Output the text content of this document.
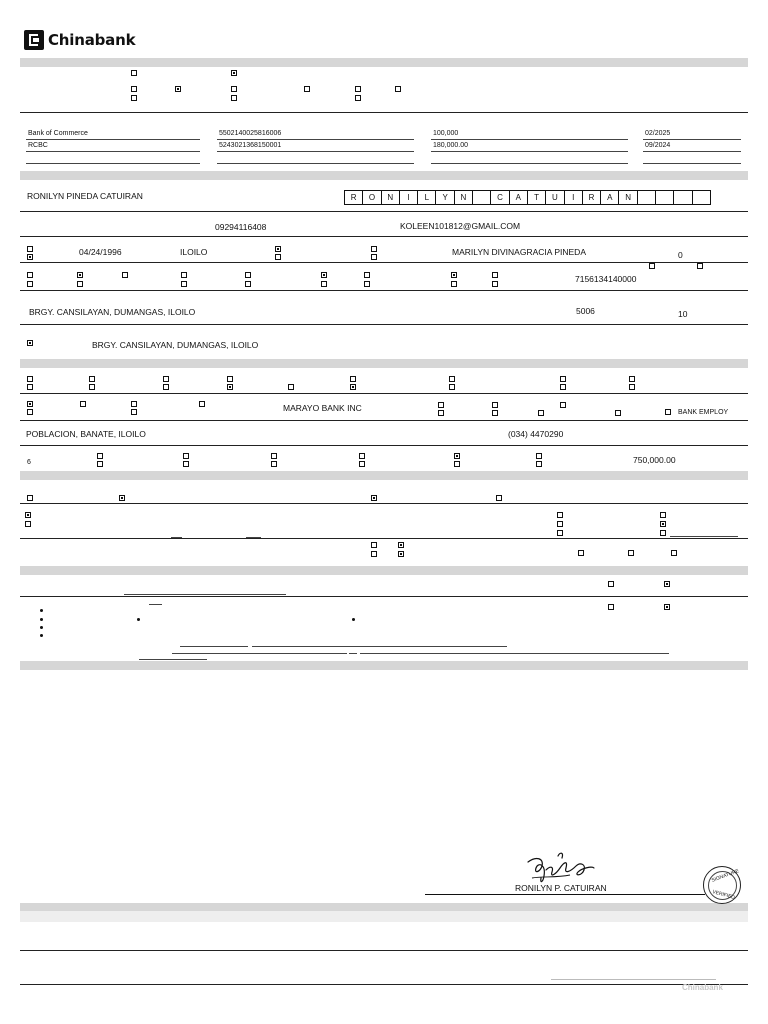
Chinabank
Bank of Commerce	5502140025816006	100,000	02/2025
RCBC	5243021368150001	180,000.00	09/2024
RONILYN PINEDA CATUIRAN	R	O	N	I	L	Y	N	C	A	T	U	I	R	A	N
09294116408	KOLEEN101812@GMAIL.COM
04/24/1996	ILOILO	MARILYN DIVINAGRACIA PINEDA	0
7156134140000
BRGY. CANSILAYAN, DUMANGAS, ILOILO	5006	10
BRGY. CANSILAYAN, DUMANGAS, ILOILO
MARAYO BANK INC	BANK EMPLOY
POBLACION, BANATE, ILOILO	(034) 4470290
6	750,000.00
RONILYN P. CATUIRAN
SIGNATURE
VERIFIED
Chinabank
